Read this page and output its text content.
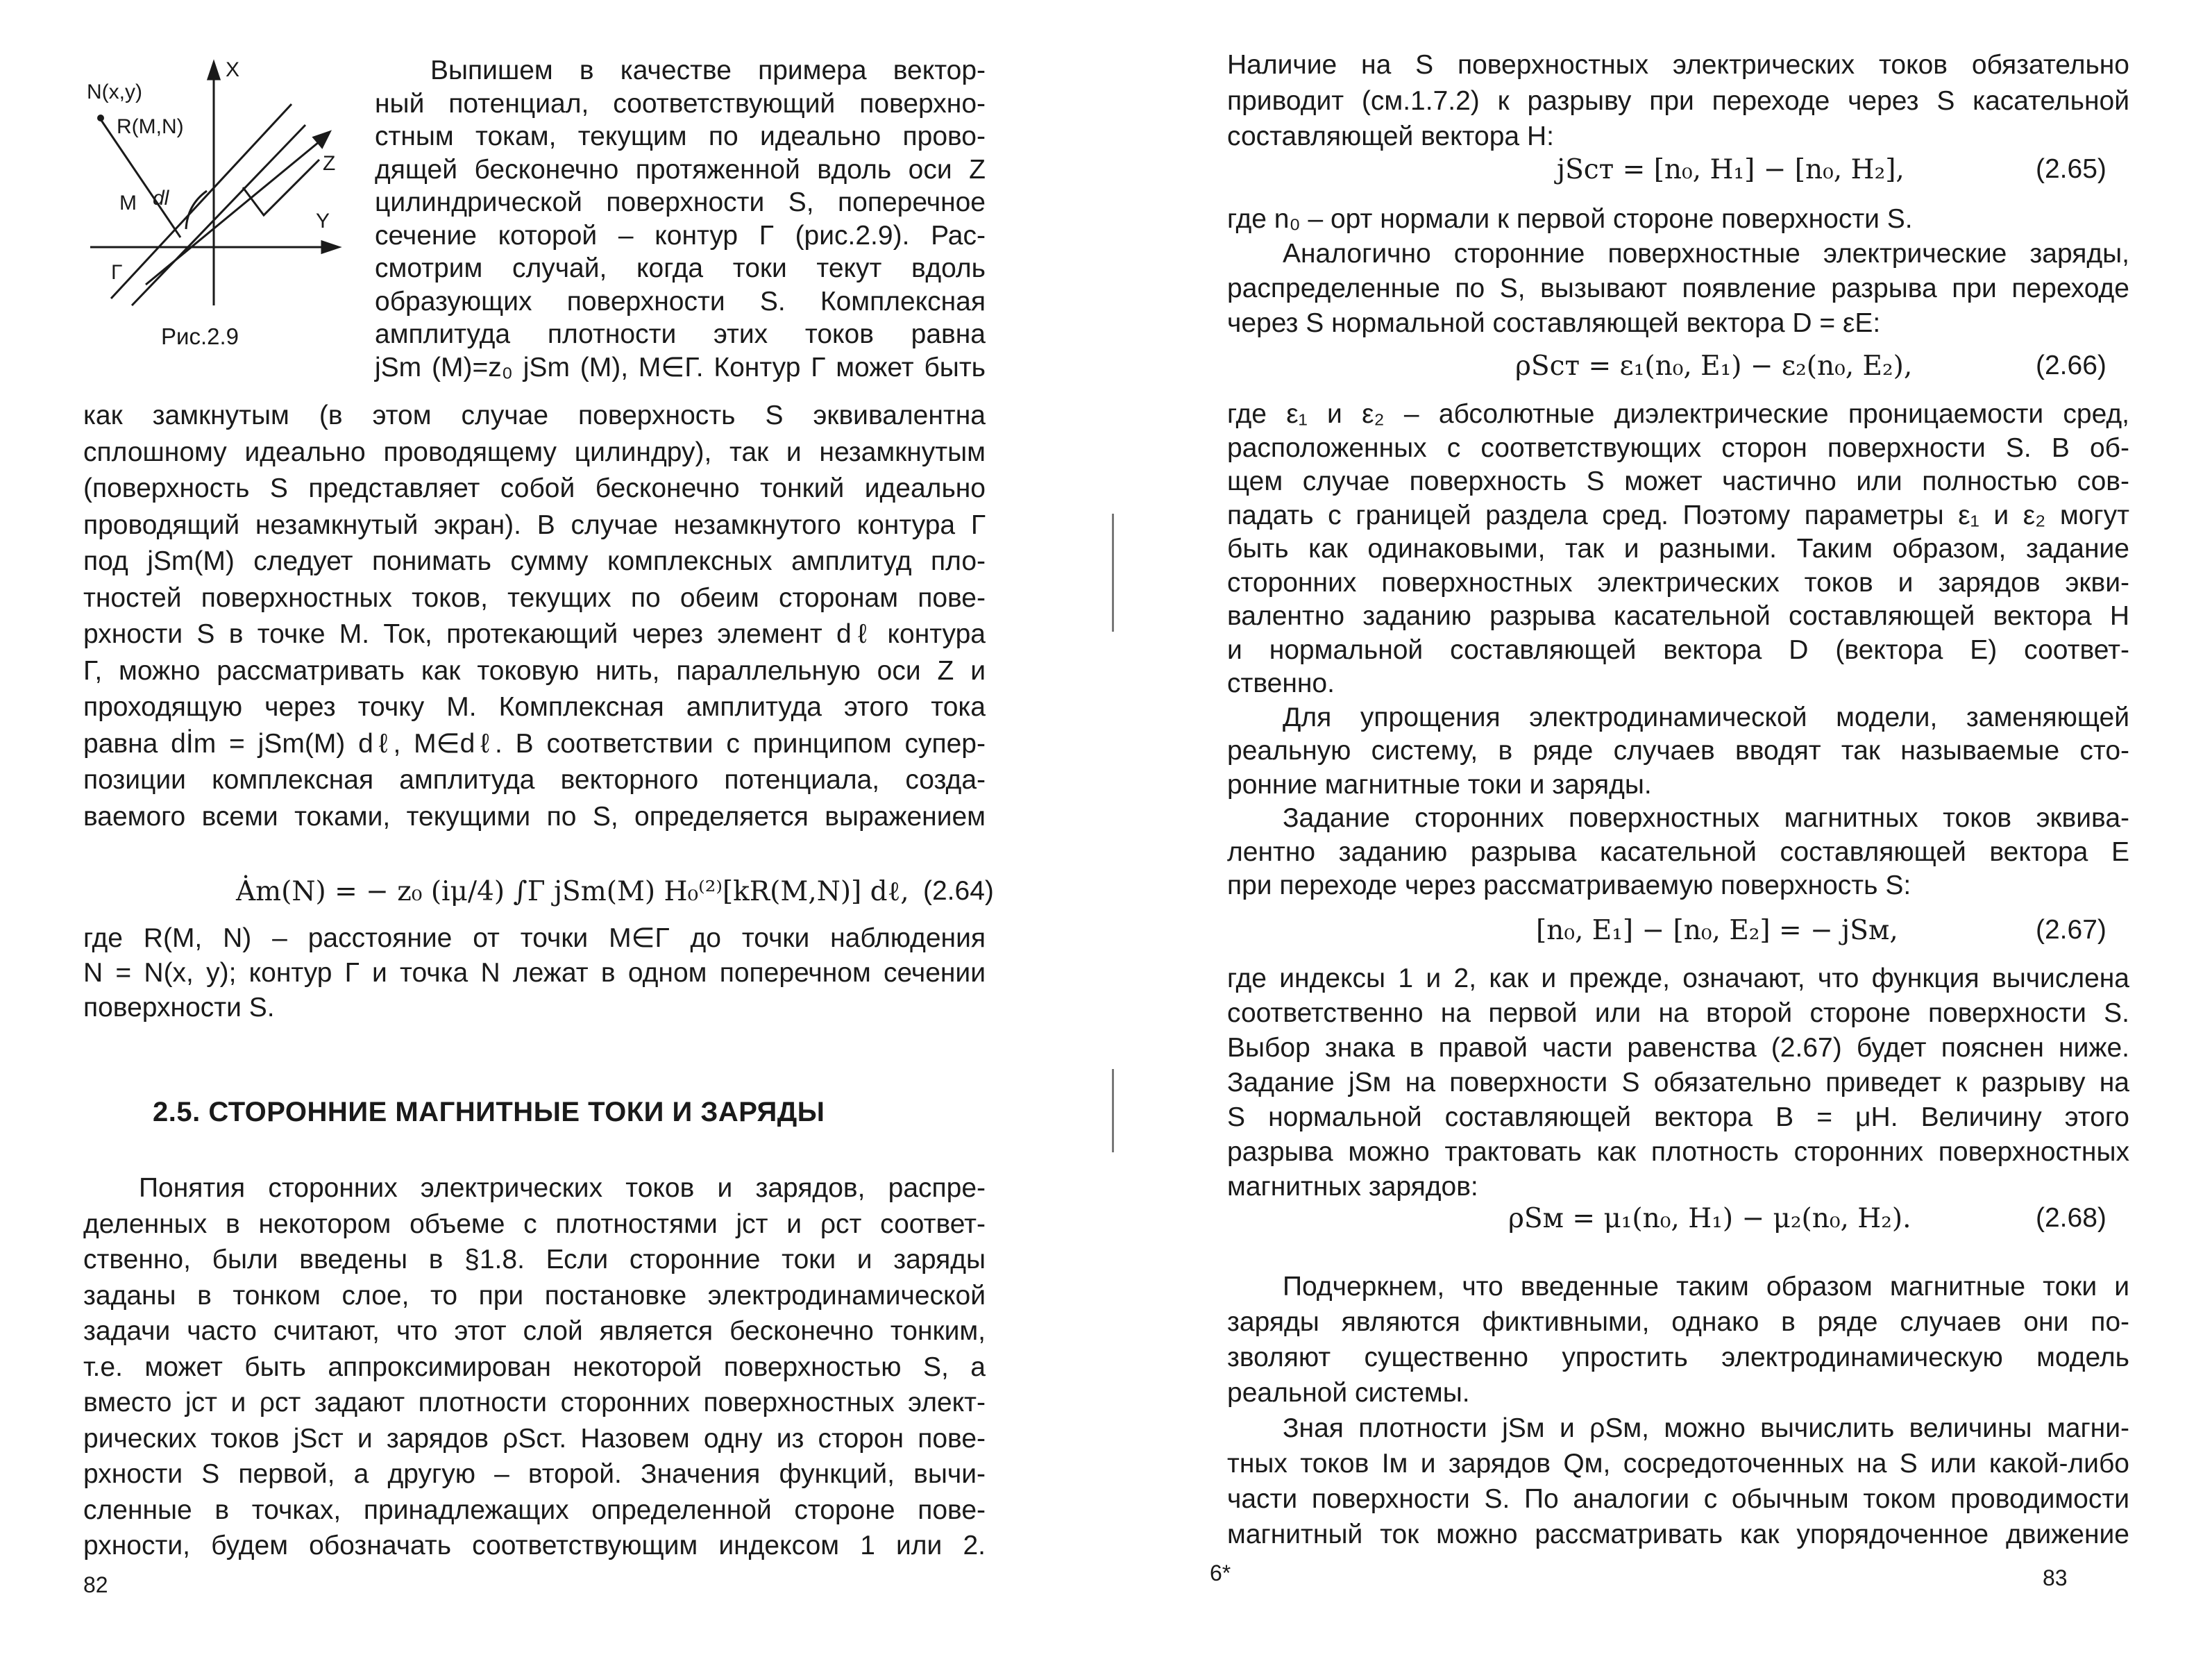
N(x,y)
R(M,N)
M dl
Г
X
Y
Z
Рис.2.9
Выпишем в качестве примера вектор-
ный потенциал, соответствующий поверхно-
стным токам, текущим по идеально прово-
дящей бесконечно протяженной вдоль оси Z
цилиндрической поверхности S, поперечное
сечение которой – контур Г (рис.2.9). Рас-
смотрим случай, когда токи текут вдоль
образующих поверхности S. Комплексная
амплитуда плотности этих токов равна
jSm (M)=z₀ jSm (M), M∈Г. Контур Г может быть
как замкнутым (в этом случае поверхность S эквивалентна
сплошному идеально проводящему цилиндру), так и незамкнутым
(поверхность S представляет собой бесконечно тонкий идеально
проводящий незамкнутый экран). В случае незамкнутого контура Г
под jSm(M) следует понимать сумму комплексных амплитуд пло-
тностей поверхностных токов, текущих по обеим сторонам пове-
рхности S в точке M. Ток, протекающий через элемент dℓ контура
Г, можно рассматривать как токовую нить, параллельную оси Z и
проходящую через точку M. Комплексная амплитуда этого тока
равна dİm = jSm(M) dℓ, M∈dℓ. В соответствии с принципом супер-
позиции комплексная амплитуда векторного потенциала, созда-
ваемого всеми токами, текущими по S, определяется выражением
Ȧm(N) = − z₀ (iμ/4) ∫Г jSm(M) H₀⁽²⁾[kR(M,N)] dℓ, (2.64)
где R(M, N) – расстояние от точки M∈Г до точки наблюдения
N = N(x, y); контур Г и точка N лежат в одном поперечном сечении
поверхности S.
2.5. СТОРОННИЕ МАГНИТНЫЕ ТОКИ И ЗАРЯДЫ
Понятия сторонних электрических токов и зарядов, распре-
деленных в некотором объеме с плотностями jст и ρст соответ-
ственно, были введены в §1.8. Если сторонние токи и заряды
заданы в тонком слое, то при постановке электродинамической
задачи часто считают, что этот слой является бесконечно тонким,
т.е. может быть аппроксимирован некоторой поверхностью S, а
вместо jст и ρст задают плотности сторонних поверхностных элект-
рических токов jSст и зарядов ρSст. Назовем одну из сторон пове-
рхности S первой, а другую – второй. Значения функций, вычи-
сленные в точках, принадлежащих определенной стороне пове-
рхности, будем обозначать соответствующим индексом 1 или 2.
82
Наличие на S поверхностных электрических токов обязательно
приводит (см.1.7.2) к разрыву при переходе через S касательной
составляющей вектора H:
jSст = [n₀, H₁] − [n₀, H₂],	(2.65)
где n₀ – орт нормали к первой стороне поверхности S.
Аналогично сторонние поверхностные электрические заряды,
распределенные по S, вызывают появление разрыва при переходе
через S нормальной составляющей вектора D = εE:
ρSст = ε₁(n₀, E₁) − ε₂(n₀, E₂),	(2.66)
где ε₁ и ε₂ – абсолютные диэлектрические проницаемости сред,
расположенных с соответствующих сторон поверхности S. В об-
щем случае поверхность S может частично или полностью сов-
падать с границей раздела сред. Поэтому параметры ε₁ и ε₂ могут
быть как одинаковыми, так и разными. Таким образом, задание
сторонних поверхностных электрических токов и зарядов экви-
валентно заданию разрыва касательной составляющей вектора H
и нормальной составляющей вектора D (вектора E) соответ-
ственно.
Для упрощения электродинамической модели, заменяющей
реальную систему, в ряде случаев вводят так называемые сто-
ронние магнитные токи и заряды.
Задание сторонних поверхностных магнитных токов эквива-
лентно заданию разрыва касательной составляющей вектора E
при переходе через рассматриваемую поверхность S:
[n₀, E₁] − [n₀, E₂] = − jSм,	(2.67)
где индексы 1 и 2, как и прежде, означают, что функция вычислена
соответственно на первой или на второй стороне поверхности S.
Выбор знака в правой части равенства (2.67) будет пояснен ниже.
Задание jSм на поверхности S обязательно приведет к разрыву на
S нормальной составляющей вектора B = μH. Величину этого
разрыва можно трактовать как плотность сторонних поверхностных
магнитных зарядов:
ρSм = μ₁(n₀, H₁) − μ₂(n₀, H₂).	(2.68)
Подчеркнем, что введенные таким образом магнитные токи и
заряды являются фиктивными, однако в ряде случаев они по-
зволяют существенно упростить электродинамическую модель
реальной системы.
Зная плотности jSм и ρSм, можно вычислить величины магни-
тных токов Iм и зарядов Qм, сосредоточенных на S или какой-либо
части поверхности S. По аналогии с обычным током проводимости
магнитный ток можно рассматривать как упорядоченное движение
6*	83
